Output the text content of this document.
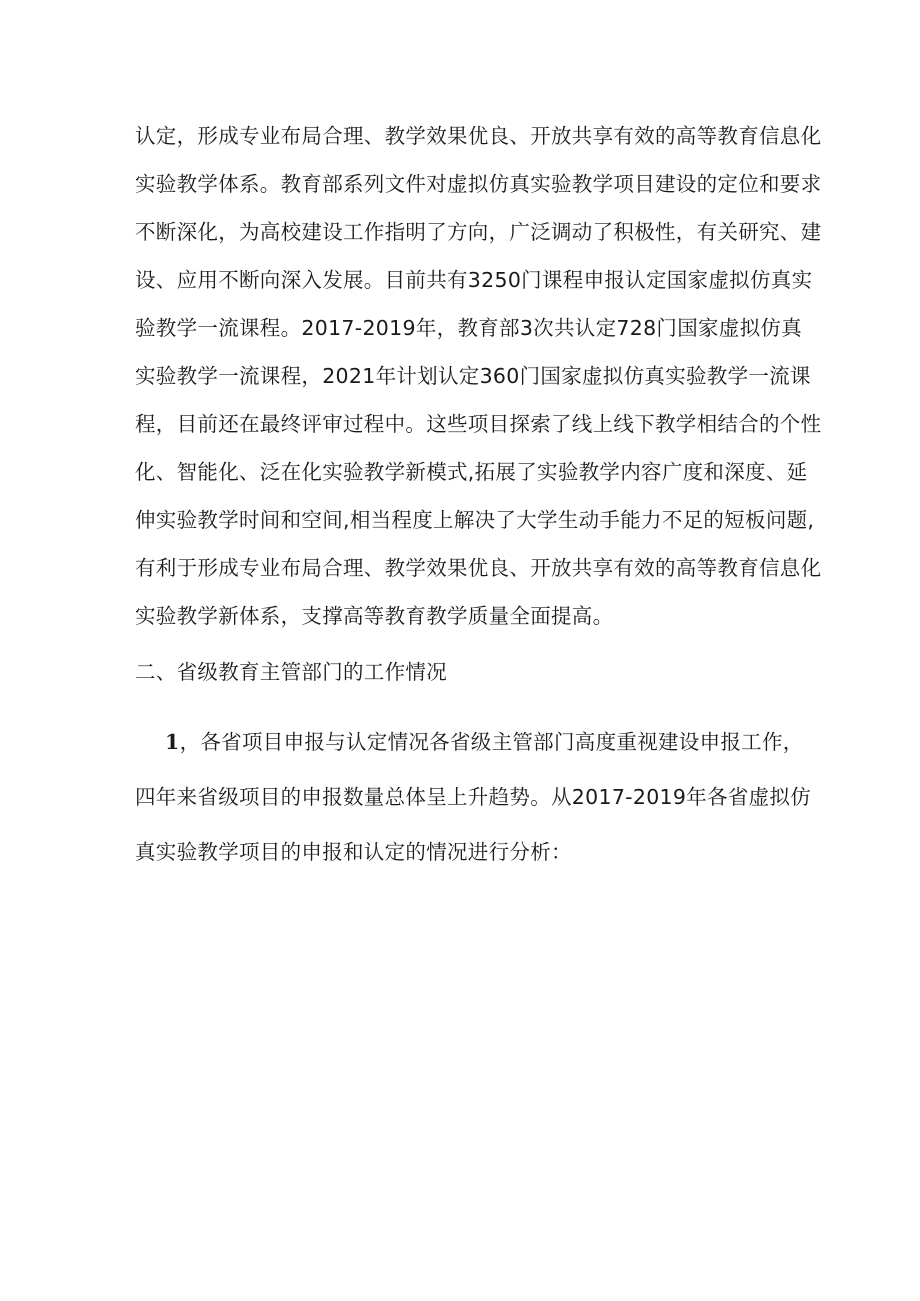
认定，形成专业布局合理、教学效果优良、开放共享有效的高等教育信息化
实验教学体系。教育部系列文件对虚拟仿真实验教学项目建设的定位和要求
不断深化，为高校建设工作指明了方向，广泛调动了积极性，有关研究、建
设、应用不断向深入发展。目前共有3250门课程申报认定国家虚拟仿真实
验教学一流课程。2017-2019年，教育部3次共认定728门国家虚拟仿真
实验教学一流课程，2021年计划认定360门国家虚拟仿真实验教学一流课
程，目前还在最终评审过程中。这些项目探索了线上线下教学相结合的个性
化、智能化、泛在化实验教学新模式,拓展了实验教学内容广度和深度、延
伸实验教学时间和空间,相当程度上解决了大学生动手能力不足的短板问题,
有利于形成专业布局合理、教学效果优良、开放共享有效的高等教育信息化
实验教学新体系，支撑高等教育教学质量全面提高。
二、省级教育主管部门的工作情况
1，各省项目申报与认定情况各省级主管部门高度重视建设申报工作，
四年来省级项目的申报数量总体呈上升趋势。从2017-2019年各省虚拟仿
真实验教学项目的申报和认定的情况进行分析：
